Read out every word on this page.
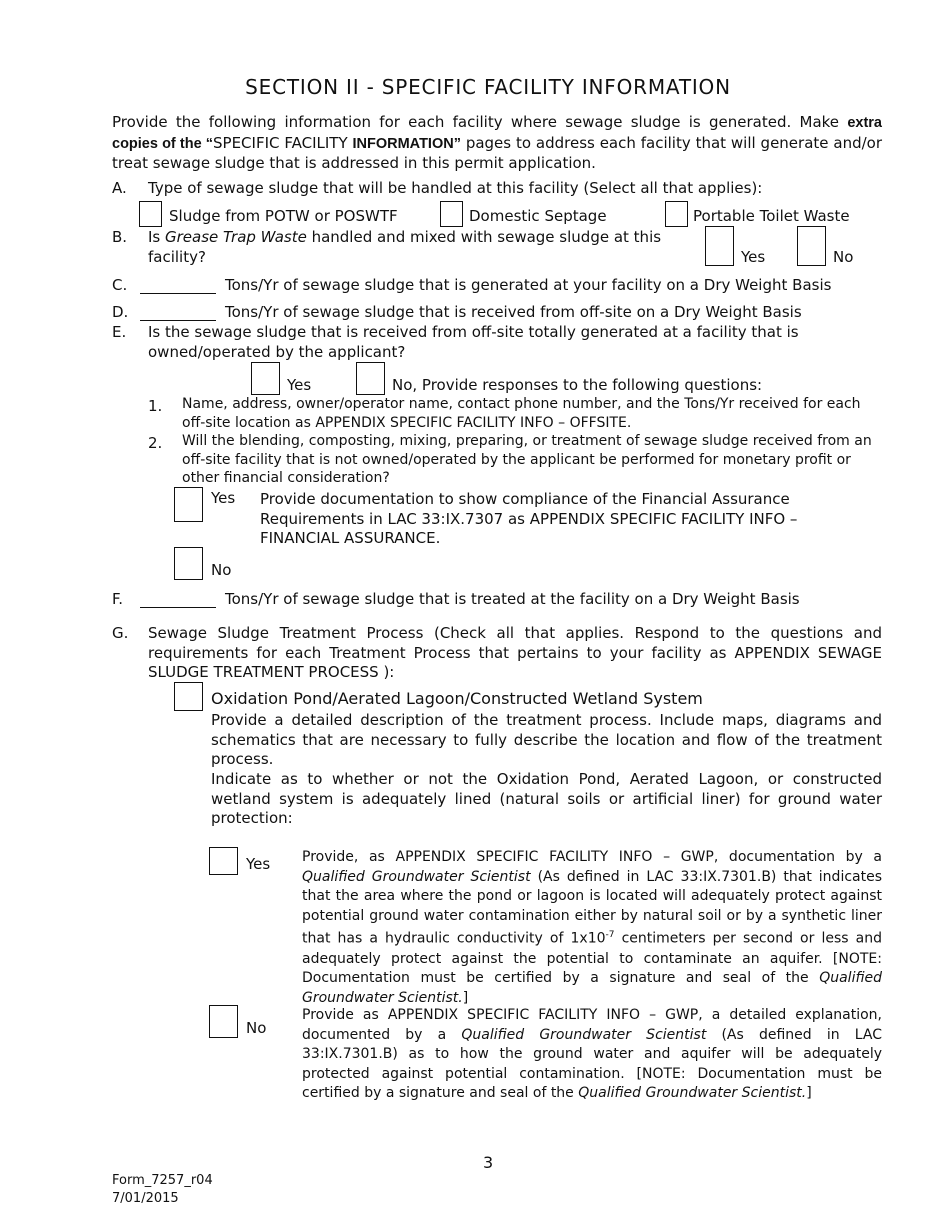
SECTION II - SPECIFIC FACILITY INFORMATION
Provide the following information for each facility where sewage sludge is generated. Make extra copies of the “SPECIFIC FACILITY INFORMATION” pages to address each facility that will generate and/or treat sewage sludge that is addressed in this permit application.
A. Type of sewage sludge that will be handled at this facility (Select all that applies):
Sludge from POTW or POSWTF	Domestic Septage	Portable Toilet Waste
B. Is Grease Trap Waste handled and mixed with sewage sludge at this facility?	Yes	No
C.	Tons/Yr of sewage sludge that is generated at your facility on a Dry Weight Basis
D.	Tons/Yr of sewage sludge that is received from off-site on a Dry Weight Basis
E. Is the sewage sludge that is received from off-site totally generated at a facility that is owned/operated by the applicant?
Yes	No, Provide responses to the following questions:
1. Name, address, owner/operator name, contact phone number, and the Tons/Yr received for each off-site location as APPENDIX SPECIFIC FACILITY INFO – OFFSITE.
2. Will the blending, composting, mixing, preparing, or treatment of sewage sludge received from an off-site facility that is not owned/operated by the applicant be performed for monetary profit or other financial consideration?
Yes Provide documentation to show compliance of the Financial Assurance Requirements in LAC 33:IX.7307 as APPENDIX SPECIFIC FACILITY INFO – FINANCIAL ASSURANCE.
No
F.	Tons/Yr of sewage sludge that is treated at the facility on a Dry Weight Basis
G. Sewage Sludge Treatment Process (Check all that applies. Respond to the questions and requirements for each Treatment Process that pertains to your facility as APPENDIX SEWAGE SLUDGE TREATMENT PROCESS ):
Oxidation Pond/Aerated Lagoon/Constructed Wetland System
Provide a detailed description of the treatment process. Include maps, diagrams and schematics that are necessary to fully describe the location and flow of the treatment process.
Indicate as to whether or not the Oxidation Pond, Aerated Lagoon, or constructed wetland system is adequately lined (natural soils or artificial liner) for ground water protection:
Yes Provide, as APPENDIX SPECIFIC FACILITY INFO – GWP, documentation by a Qualified Groundwater Scientist (As defined in LAC 33:IX.7301.B) that indicates that the area where the pond or lagoon is located will adequately protect against potential ground water contamination either by natural soil or by a synthetic liner that has a hydraulic conductivity of $1x10^{-7}$ centimeters per second or less and adequately protect against the potential to contaminate an aquifer. [NOTE: Documentation must be certified by a signature and seal of the Qualified Groundwater Scientist.]
No
Provide as APPENDIX SPECIFIC FACILITY INFO – GWP, a detailed explanation, documented by a Qualified Groundwater Scientist (As defined in LAC 33:IX.7301.B) as to how the ground water and aquifer will be adequately protected against potential contamination. [NOTE: Documentation must be certified by a signature and seal of the Qualified Groundwater Scientist.]
3
Form_7257_r04
7/01/2015
